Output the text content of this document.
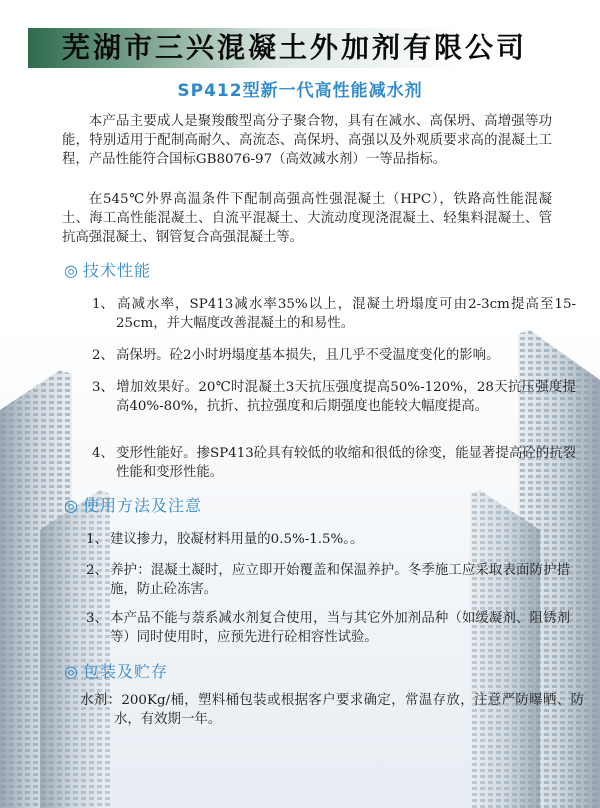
芜湖市三兴混凝土外加剂有限公司
SP412型新一代高性能减水剂

本产品主要成人是聚羧酸型高分子聚合物，具有在减水、高保坍、高增强等功能，特别适用于配制高耐久、高流态、高保坍、高强以及外观质要求高的混凝土工程，产品性能符合国标GB8076-97（高效减水剂）一等品指标。

在545℃外界高温条件下配制高强高性强混凝土（HPC），铁路高性能混凝土、海工高性能混凝土、自流平混凝土、大流动度现浇混凝土、轻集料混凝土、管抗高强混凝土、钢管复合高强混凝土等。

◎ 技术性能

1、 高减水率，SP413减水率35%以上，混凝土坍塌度可由2-3cm提高至15-25cm，并大幅度改善混凝土的和易性。

2、 高保坍。砼2小时坍塌度基本损失，且几乎不受温度变化的影响。

3、 增加效果好。20℃时混凝土3天抗压强度提高50%-120%，28天抗压强度提高40%-80%，抗折、抗拉强度和后期强度也能较大幅度提高。

4、 变形性能好。掺SP413砼具有较低的收缩和很低的徐变，能显著提高砼的抗裂性能和变形性能。

◎ 使用方法及注意

1、 建议掺力，胶凝材料用量的0.5%-1.5%。。

2、 养护：混凝土凝时，应立即开始覆盖和保温养护。冬季施工应采取表面防护措施，防止砼冻害。

3、 本产品不能与萘系减水剂复合使用，当与其它外加剂品种（如缓凝剂、阻锈剂等）同时使用时，应预先进行砼相容性试验。

◎ 包装及贮存

水剂：200Kg/桶，塑料桶包装或根据客户要求确定，常温存放，注意严防曝晒、防水，有效期一年。
